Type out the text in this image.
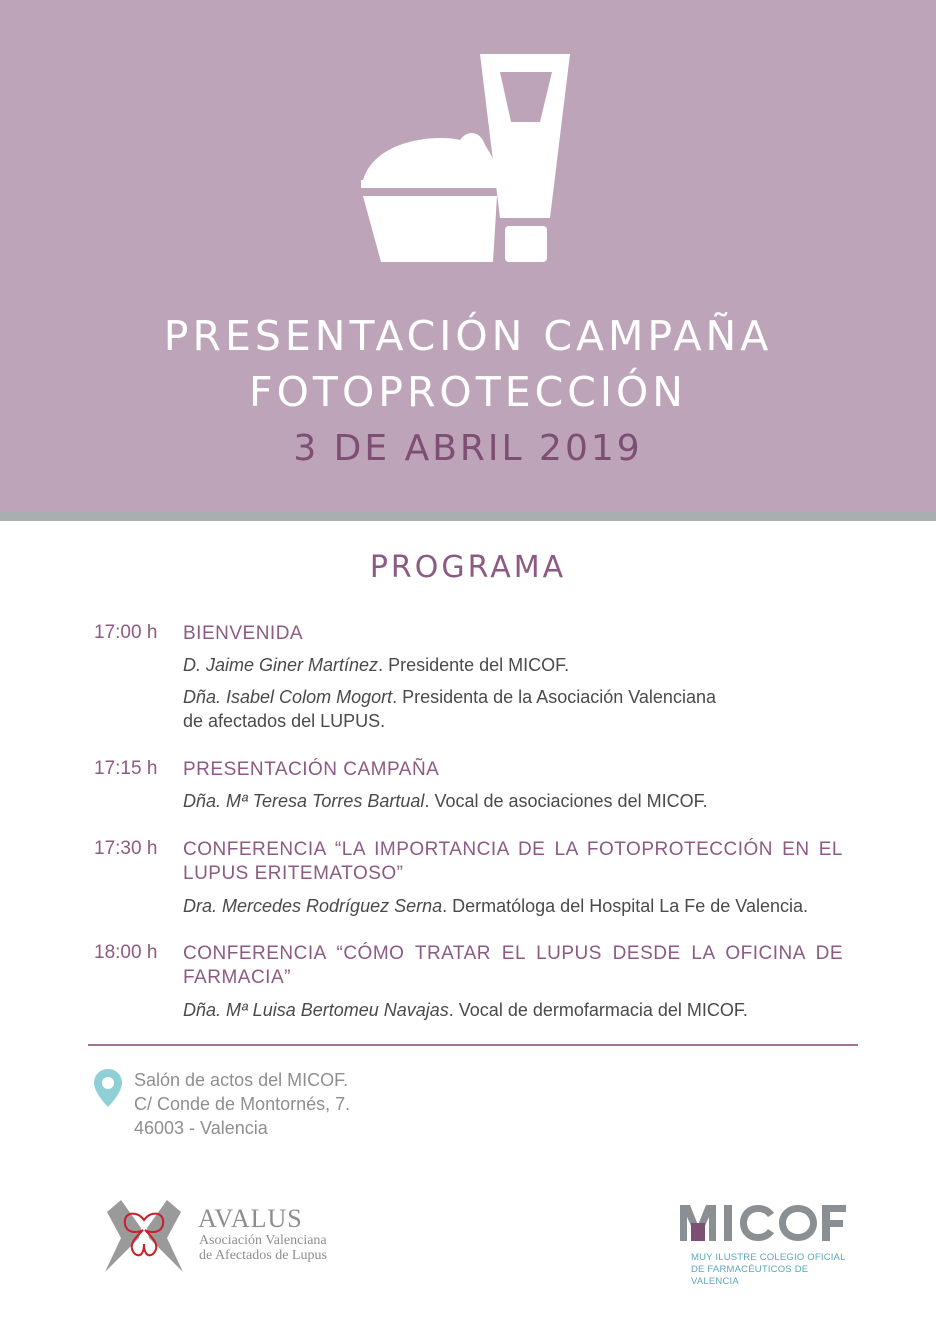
PRESENTACIÓN CAMPAÑA
FOTOPROTECCIÓN
3 DE ABRIL 2019
PROGRAMA
17:00 h BIENVENIDA
D. Jaime Giner Martínez. Presidente del MICOF.
Dña. Isabel Colom Mogort. Presidenta de la Asociación Valenciana
de afectados del LUPUS.
17:15 h PRESENTACIÓN CAMPAÑA
Dña. Mª Teresa Torres Bartual. Vocal de asociaciones del MICOF.
17:30 h CONFERENCIA “LA IMPORTANCIA DE LA FOTOPROTECCIÓN EN EL
LUPUS ERITEMATOSO”
Dra. Mercedes Rodríguez Serna. Dermatóloga del Hospital La Fe de Valencia.
18:00 h CONFERENCIA “CÓMO TRATAR EL LUPUS DESDE LA OFICINA DE
FARMACIA”
Dña. Mª Luisa Bertomeu Navajas. Vocal de dermofarmacia del MICOF.
Salón de actos del MICOF.
C/ Conde de Montornés, 7.
46003 - Valencia
AVALUS
Asociación Valenciana
de Afectados de Lupus	MUY ILUSTRE COLEGIO OFICIAL
DE FARMACÉUTICOS DE VALENCIA
